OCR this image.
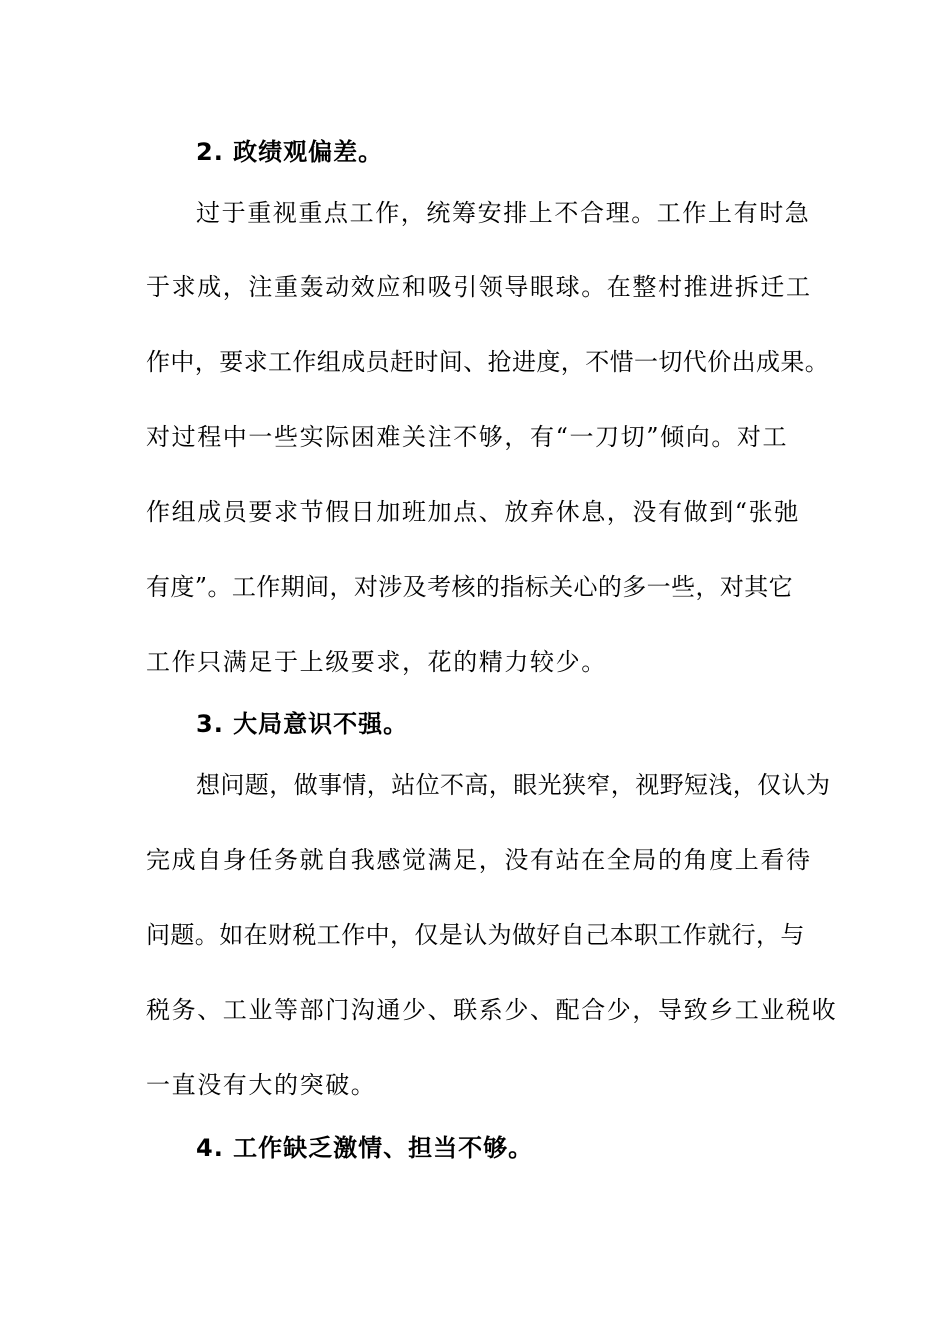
2. 政绩观偏差。
过于重视重点工作，统筹安排上不合理。工作上有时急
于求成，注重轰动效应和吸引领导眼球。在整村推进拆迁工
作中，要求工作组成员赶时间、抢进度，不惜一切代价出成果。
对过程中一些实际困难关注不够，有“一刀切”倾向。对工
作组成员要求节假日加班加点、放弃休息，没有做到“张弛
有度”。工作期间，对涉及考核的指标关心的多一些，对其它
工作只满足于上级要求，花的精力较少。
3. 大局意识不强。
想问题，做事情，站位不高，眼光狭窄，视野短浅，仅认为
完成自身任务就自我感觉满足，没有站在全局的角度上看待
问题。如在财税工作中，仅是认为做好自己本职工作就行，与
税务、工业等部门沟通少、联系少、配合少，导致乡工业税收
一直没有大的突破。
4. 工作缺乏激情、担当不够。
